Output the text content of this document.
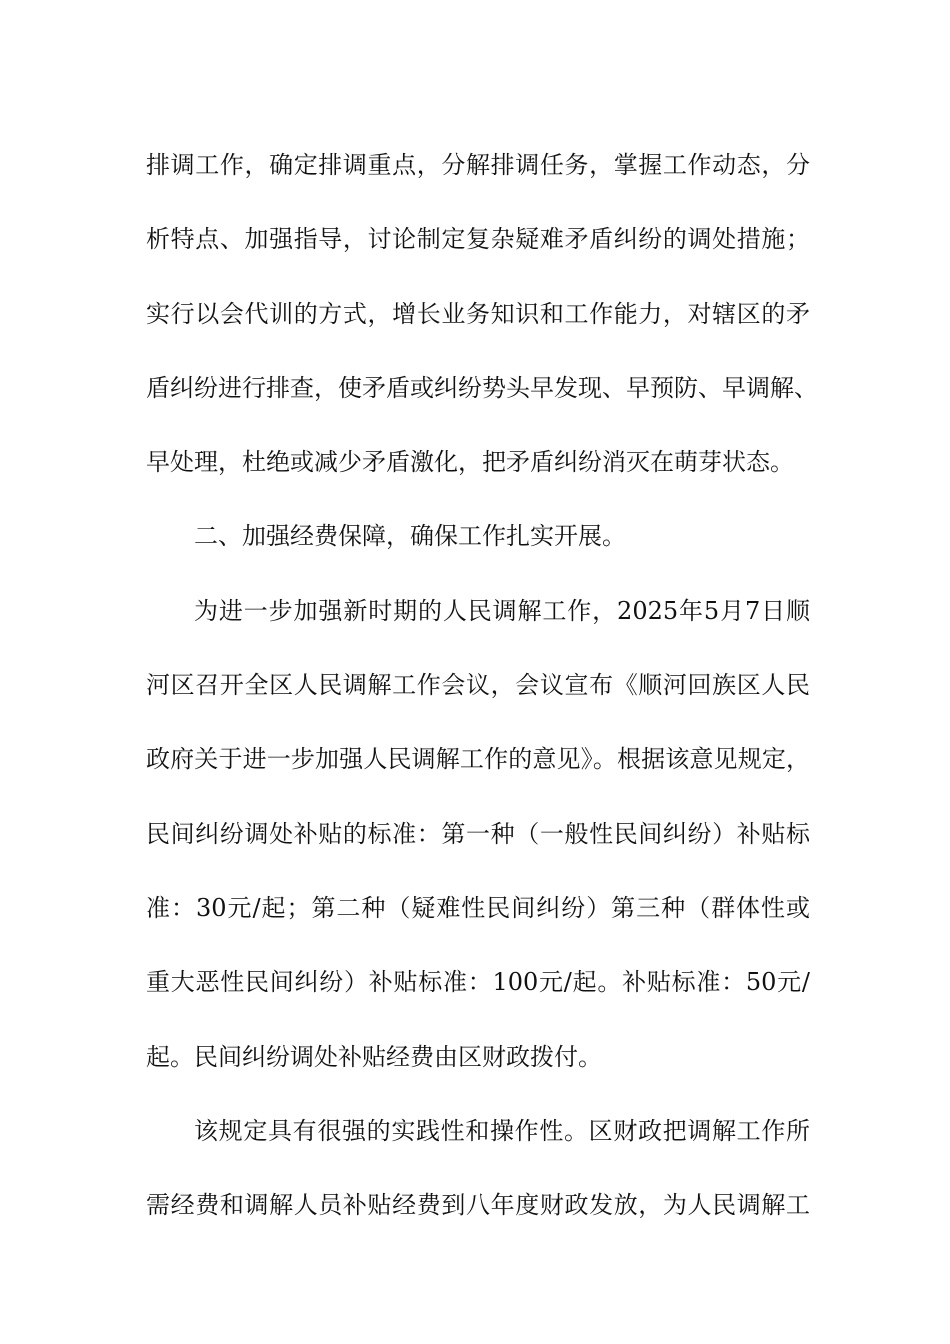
排调工作，确定排调重点，分解排调任务，掌握工作动态，分
析特点、加强指导，讨论制定复杂疑难矛盾纠纷的调处措施；
实行以会代训的方式，增长业务知识和工作能力，对辖区的矛
盾纠纷进行排查，使矛盾或纠纷势头早发现、早预防、早调解、
早处理，杜绝或减少矛盾激化，把矛盾纠纷消灭在萌芽状态。
二、加强经费保障，确保工作扎实开展。
为进一步加强新时期的人民调解工作，2025年5月7日顺
河区召开全区人民调解工作会议，会议宣布《顺河回族区人民
政府关于进一步加强人民调解工作的意见》。根据该意见规定，
民间纠纷调处补贴的标准：第一种（一般性民间纠纷）补贴标
准：30元/起；第二种（疑难性民间纠纷）第三种（群体性或
重大恶性民间纠纷）补贴标准：100元/起。补贴标准：50元/
起。民间纠纷调处补贴经费由区财政拨付。
该规定具有很强的实践性和操作性。区财政把调解工作所
需经费和调解人员补贴经费到八年度财政发放，为人民调解工
